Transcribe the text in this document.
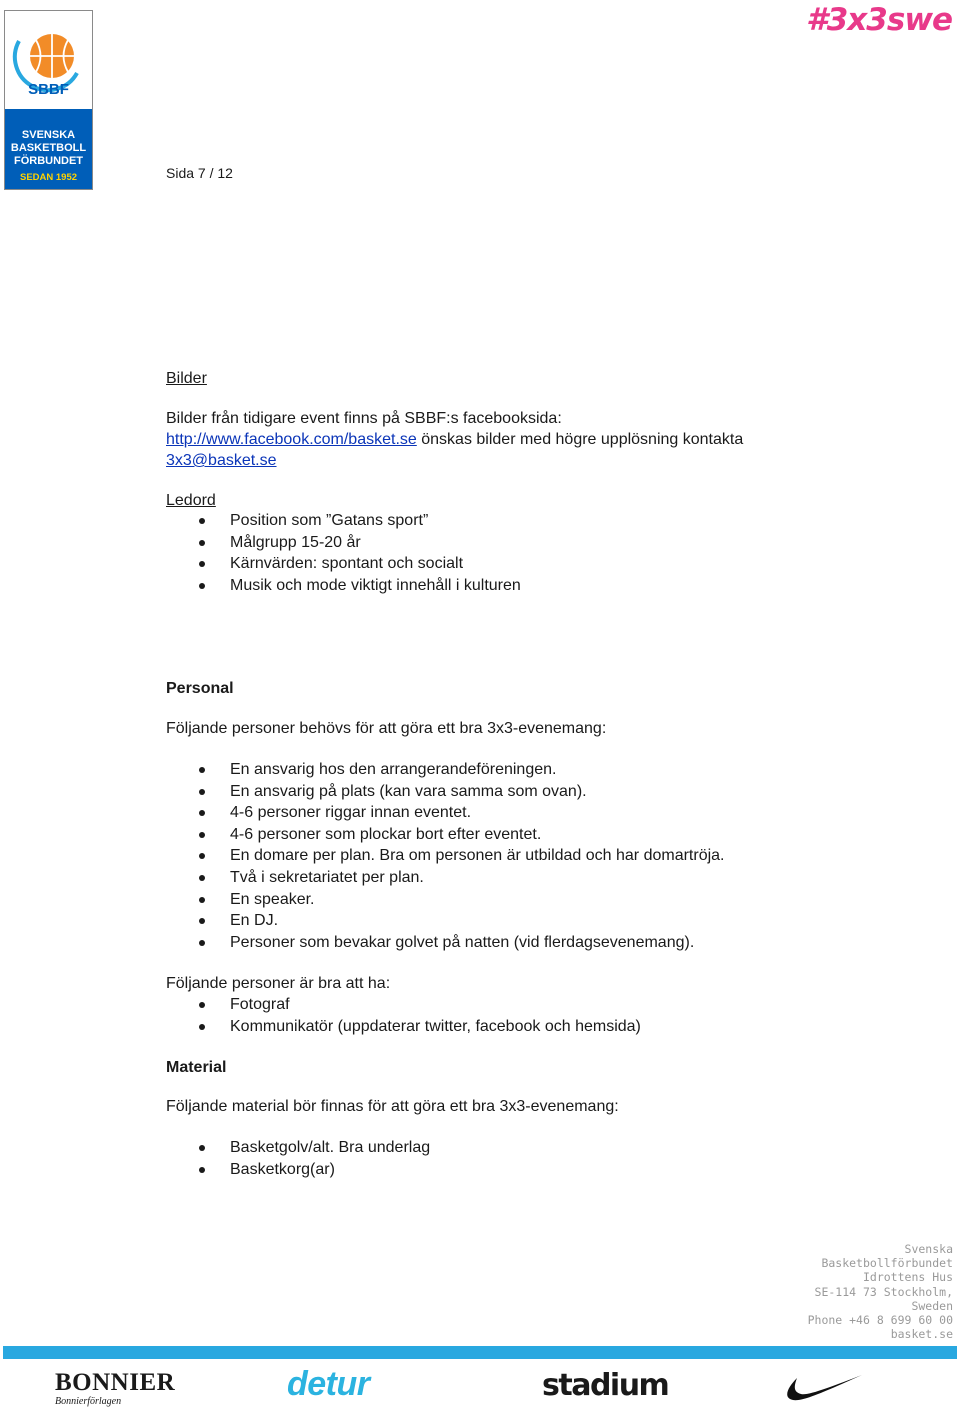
SBBF
SVENSKA
BASKETBOLL
FÖRBUNDET
SEDAN 1952
#3x3swe
Sida 7 / 12
Bilder
Bilder från tidigare event finns på SBBF:s facebooksida:
http://www.facebook.com/basket.se önskas bilder med högre upplösning kontakta
3x3@basket.se
Ledord
Position som ”Gatans sport”
Målgrupp 15-20 år
Kärnvärden: spontant och socialt
Musik och mode viktigt innehåll i kulturen
Personal
Följande personer behövs för att göra ett bra 3x3-evenemang:
En ansvarig hos den arrangerandeföreningen.
En ansvarig på plats (kan vara samma som ovan).
4-6 personer riggar innan eventet.
4-6 personer som plockar bort efter eventet.
En domare per plan. Bra om personen är utbildad och har domartröja.
Två i sekretariatet per plan.
En speaker.
En DJ.
Personer som bevakar golvet på natten (vid flerdagsevenemang).
Följande personer är bra att ha:
Fotograf
Kommunikatör (uppdaterar twitter, facebook och hemsida)
Material
Följande material bör finnas för att göra ett bra 3x3-evenemang:
Basketgolv/alt. Bra underlag
Basketkorg(ar)
Svenska
Basketbollförbundet
Idrottens Hus
SE-114 73 Stockholm,
Sweden
Phone +46 8 699 60 00
basket.se
BONNIER
Bonnierförlagen	detur	stadium
